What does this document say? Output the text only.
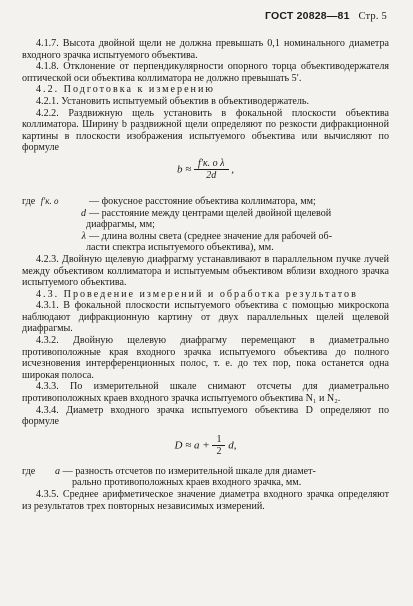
ГОСТ 20828—81 Стр. 5

4.1.7. Высота двойной щели не должна превышать 0,1 номинального диаметра входного зрачка испытуемого объектива.

4.1.8. Отклонение от перпендикулярности опорного торца объективодержателя оптической оси объектива коллиматора не должно превышать 5′.

4.2. Подготовка к измерению

4.2.1. Установить испытуемый объектив в объективодержатель.

4.2.2. Раздвижную щель установить в фокальной плоскости объектива коллиматора. Ширину b раздвижной щели определяют по резкости дифракционной картины в плоскости изображения испытуемого объектива или вычисляют по формуле

$b \approx \frac{\text{f′к. о λ}}{2d}$ ,
где f′к. о	— фокусное расстояние объектива коллиматора, мм;
d — расстояние между центрами щелей двойной щелевой
диафрагмы, мм;
λ — длина волны света (среднее значение для рабочей об-
ласти спектра испытуемого объектива), мм.

4.2.3. Двойную щелевую диафрагму устанавливают в параллельном пучке лучей между объективом коллиматора и испытуемым объективом вблизи входного зрачка испытуемого объектива.

4.3. Проведение измерений и обработка результатов

4.3.1. В фокальной плоскости испытуемого объектива с помощью микроскопа наблюдают дифракционную картину от двух параллельных щелей щелевой диафрагмы.

4.3.2. Двойную щелевую диафрагму перемещают в диаметрально противоположные края входного зрачка испытуемого объектива до полного исчезновения интерференционных полос, т. е. до тех пор, пока останется одна широкая полоса.

4.3.3. По измерительной шкале снимают отсчеты для диаметрально противоположных краев входного зрачка испытуемого объектива N₁ и N₂.

4.3.4. Диаметр входного зрачка испытуемого объектива D определяют по формуле

$D \approx a + \frac{1}{2} d$,
где	a — разность отсчетов по измерительной шкале для диамет-
рально противоположных краев входного зрачка, мм.

4.3.5. Среднее арифметическое значение диаметра входного зрачка определяют из результатов трех повторных независимых измерений.
